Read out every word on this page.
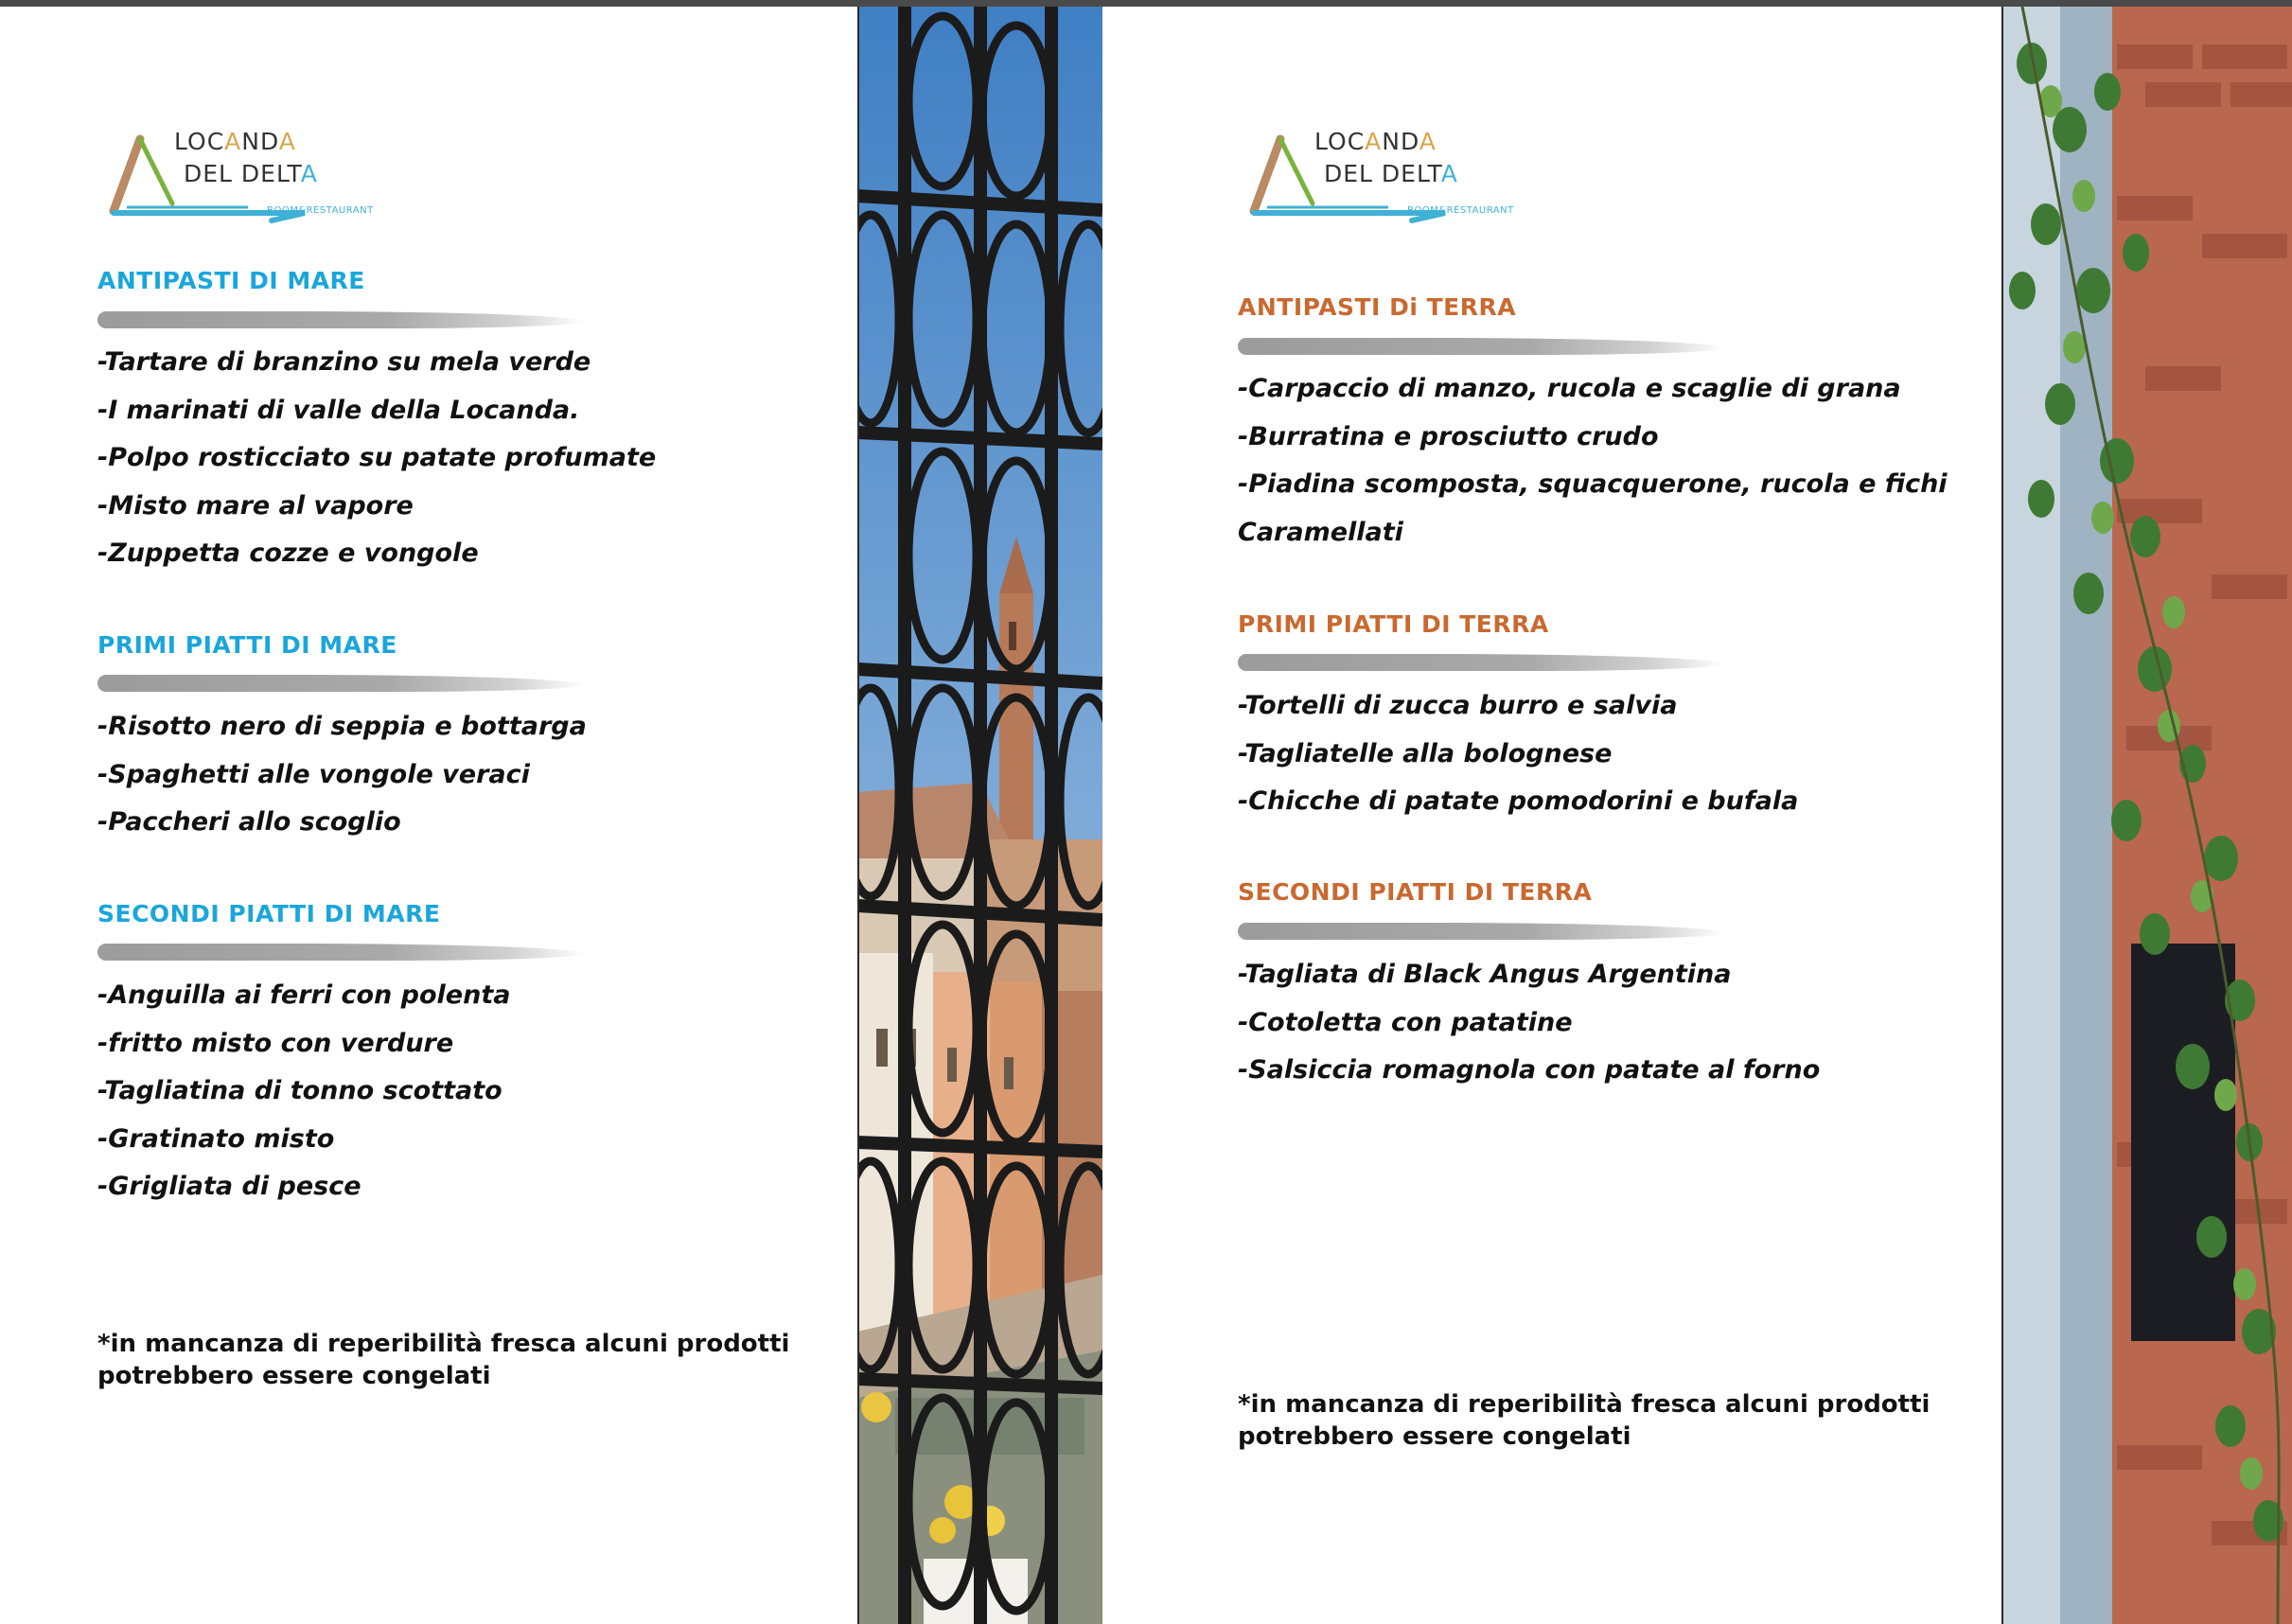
LOCANDA
DEL DELTA
ROOM&RESTAURANT
ANTIPASTI DI MARE
-Tartare di branzino su mela verde
-I marinati di valle della Locanda.
-Polpo rosticciato su patate profumate
-Misto mare al vapore
-Zuppetta cozze e vongole
PRIMI PIATTI DI MARE
-Risotto nero di seppia e bottarga
-Spaghetti alle vongole veraci
-Paccheri allo scoglio
SECONDI PIATTI DI MARE
-Anguilla ai ferri con polenta
-fritto misto con verdure
-Tagliatina di tonno scottato
-Gratinato misto
-Grigliata di pesce
*in mancanza di reperibilità fresca alcuni prodotti
potrebbero essere congelati
LOCANDA
DEL DELTA
ROOM&RESTAURANT
ANTIPASTI Di TERRA
-Carpaccio di manzo, rucola e scaglie di grana
-Burratina e prosciutto crudo
-Piadina scomposta, squacquerone, rucola e fichi
Caramellati
PRIMI PIATTI DI TERRA
-Tortelli di zucca burro e salvia
-Tagliatelle alla bolognese
-Chicche di patate pomodorini e bufala
SECONDI PIATTI DI TERRA
-Tagliata di Black Angus Argentina
-Cotoletta con patatine
-Salsiccia romagnola con patate al forno
*in mancanza di reperibilità fresca alcuni prodotti
potrebbero essere congelati
